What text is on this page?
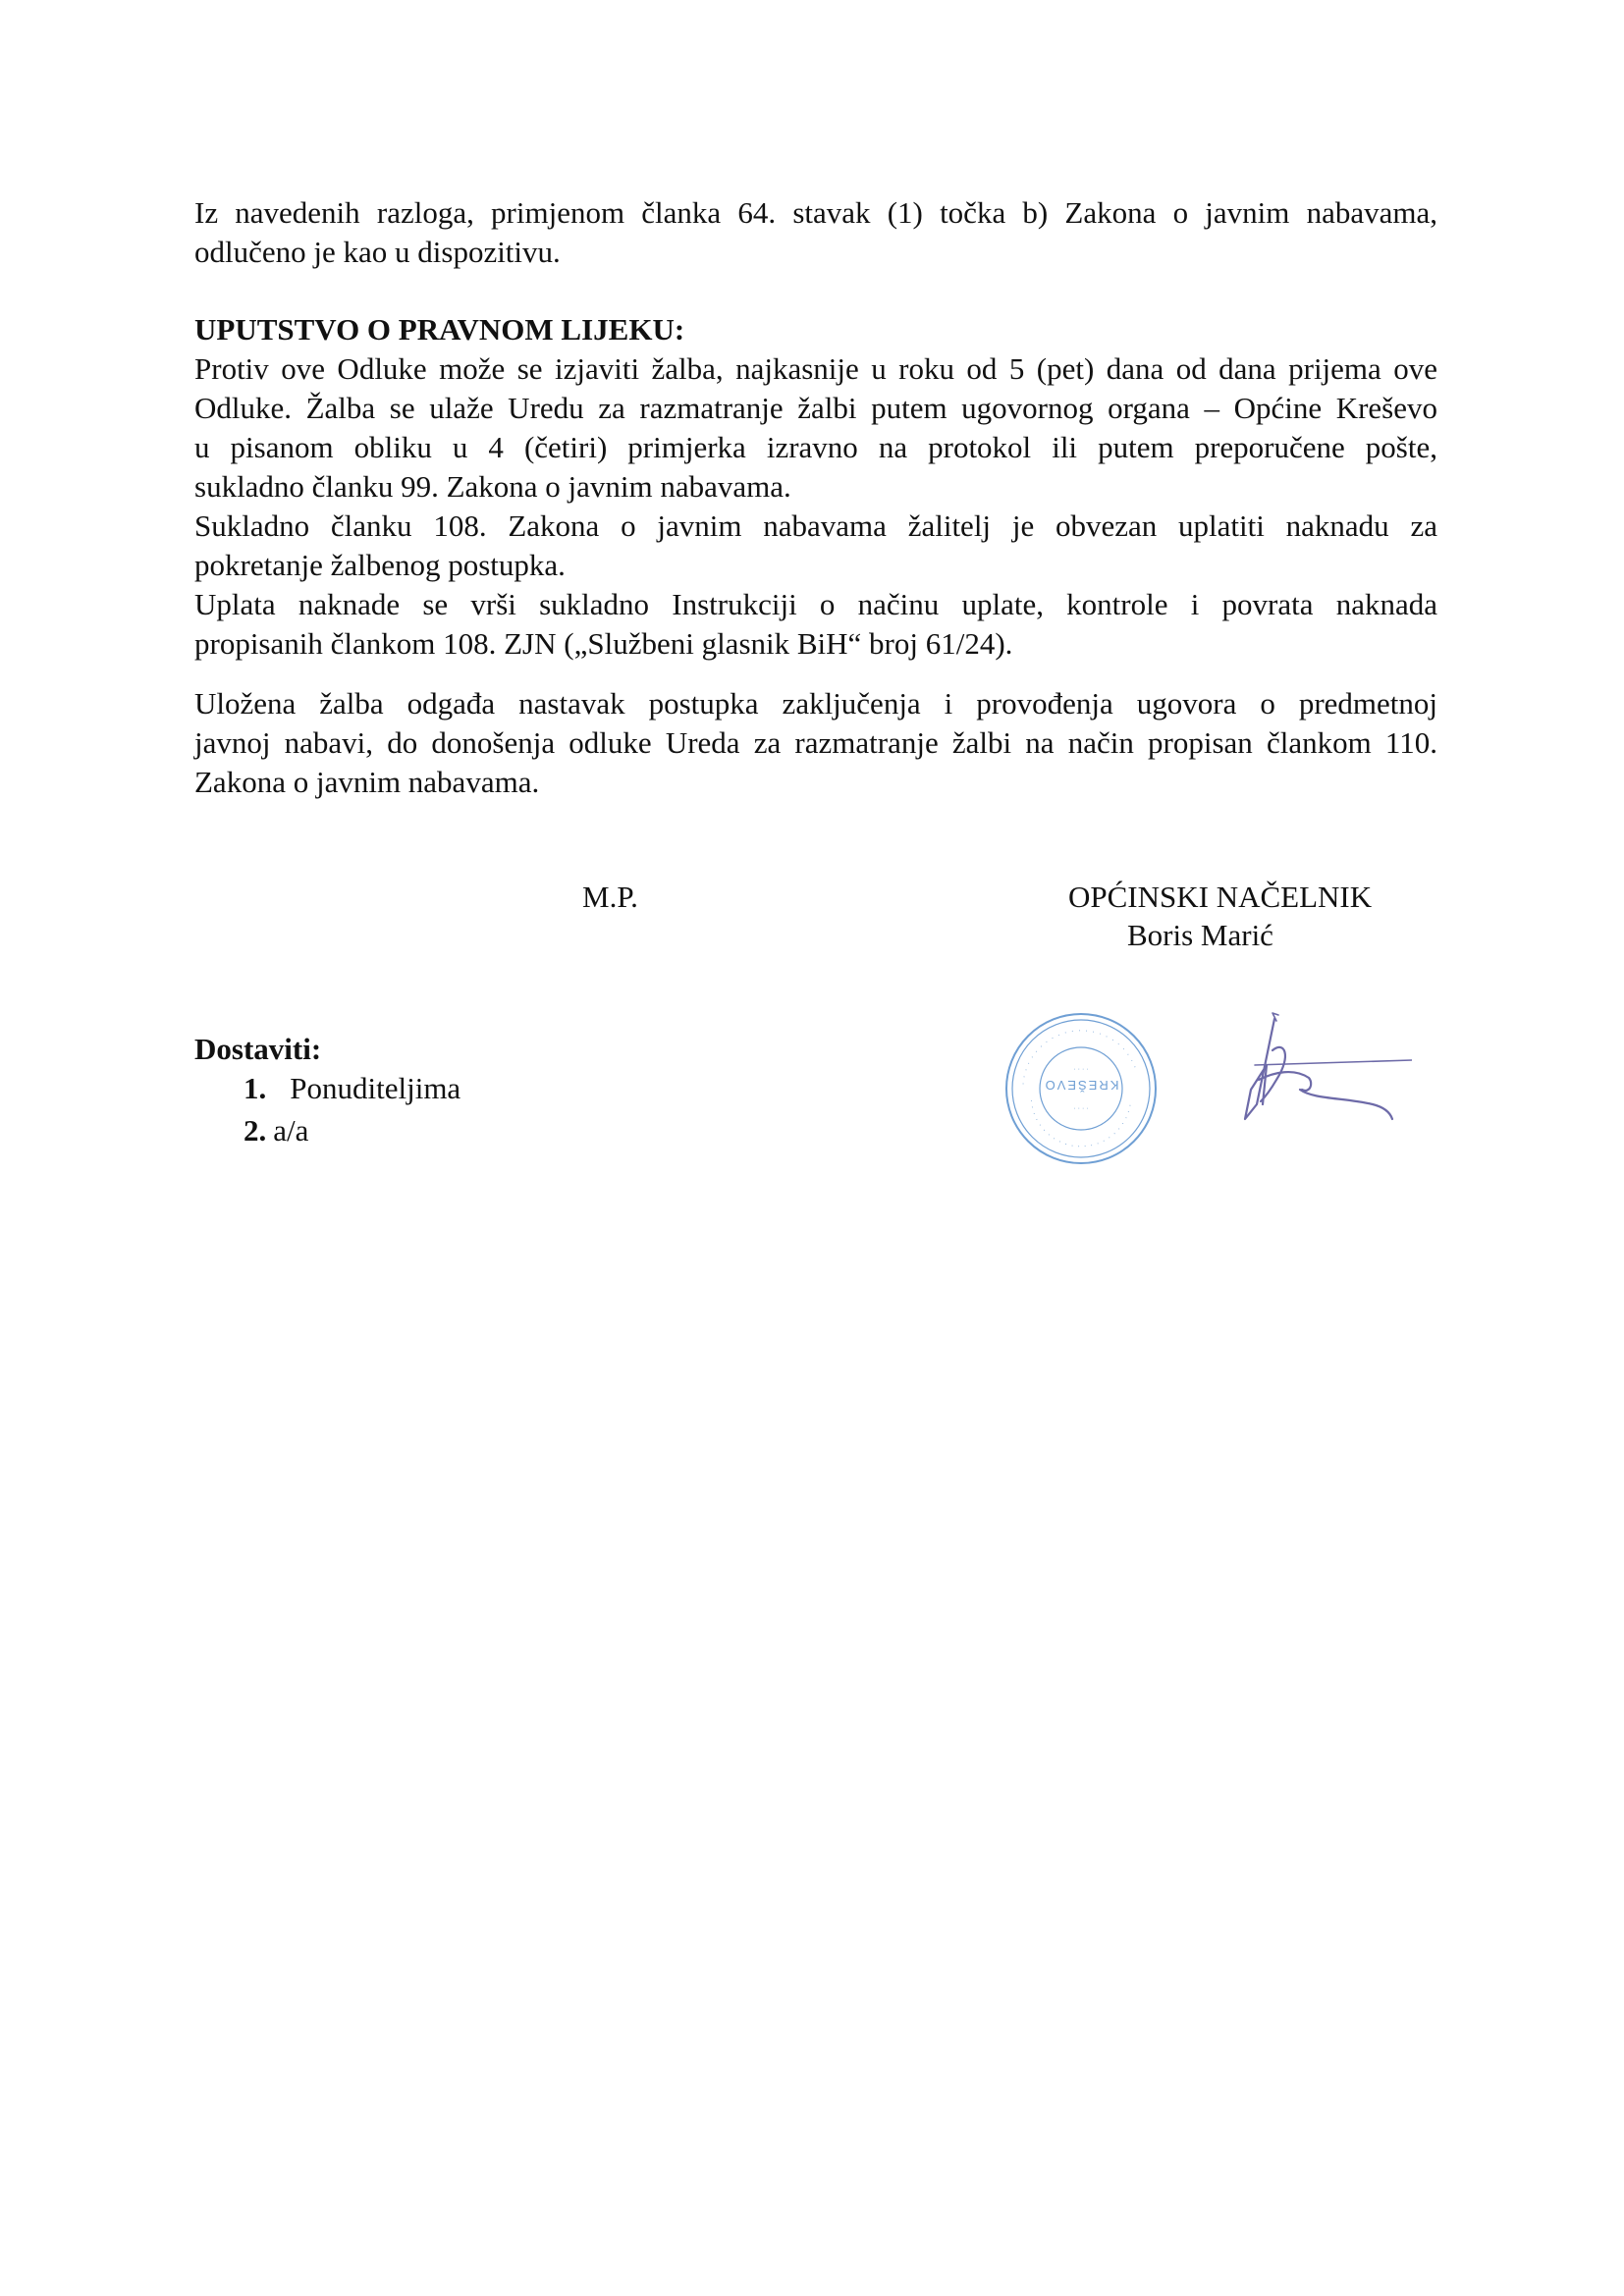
Iz navedenih razloga, primjenom članka 64. stavak (1) točka b) Zakona o javnim nabavama,
odlučeno je kao u dispozitivu.
UPUTSTVO O PRAVNOM LIJEKU:
Protiv ove Odluke može se izjaviti žalba, najkasnije u roku od 5 (pet) dana od dana prijema ove
Odluke. Žalba se ulaže Uredu za razmatranje žalbi putem ugovornog organa – Općine Kreševo
u pisanom obliku u 4 (četiri) primjerka izravno na protokol ili putem preporučene pošte,
sukladno članku 99. Zakona o javnim nabavama.
Sukladno članku 108. Zakona o javnim nabavama žalitelj je obvezan uplatiti naknadu za
pokretanje žalbenog postupka.
Uplata naknade se vrši sukladno Instrukciji o načinu uplate, kontrole i povrata naknada
propisanih člankom 108. ZJN („Službeni glasnik BiH“ broj 61/24).
Uložena žalba odgađa nastavak postupka zaključenja i provođenja ugovora o predmetnoj
javnoj nabavi, do donošenja odluke Ureda za razmatranje žalbi na način propisan člankom 110.
Zakona o javnim nabavama.
M.P.	OPĆINSKI NAČELNIK
Boris Marić
· · · · · · · · · · · · · · · · · · · · · · ·
· · · · · · · · · · · · · · · · · · · · · · ·
KREŠEVO
· · · ·
· · · ·
Dostaviti:
1. Ponuditeljima
2. a/a
